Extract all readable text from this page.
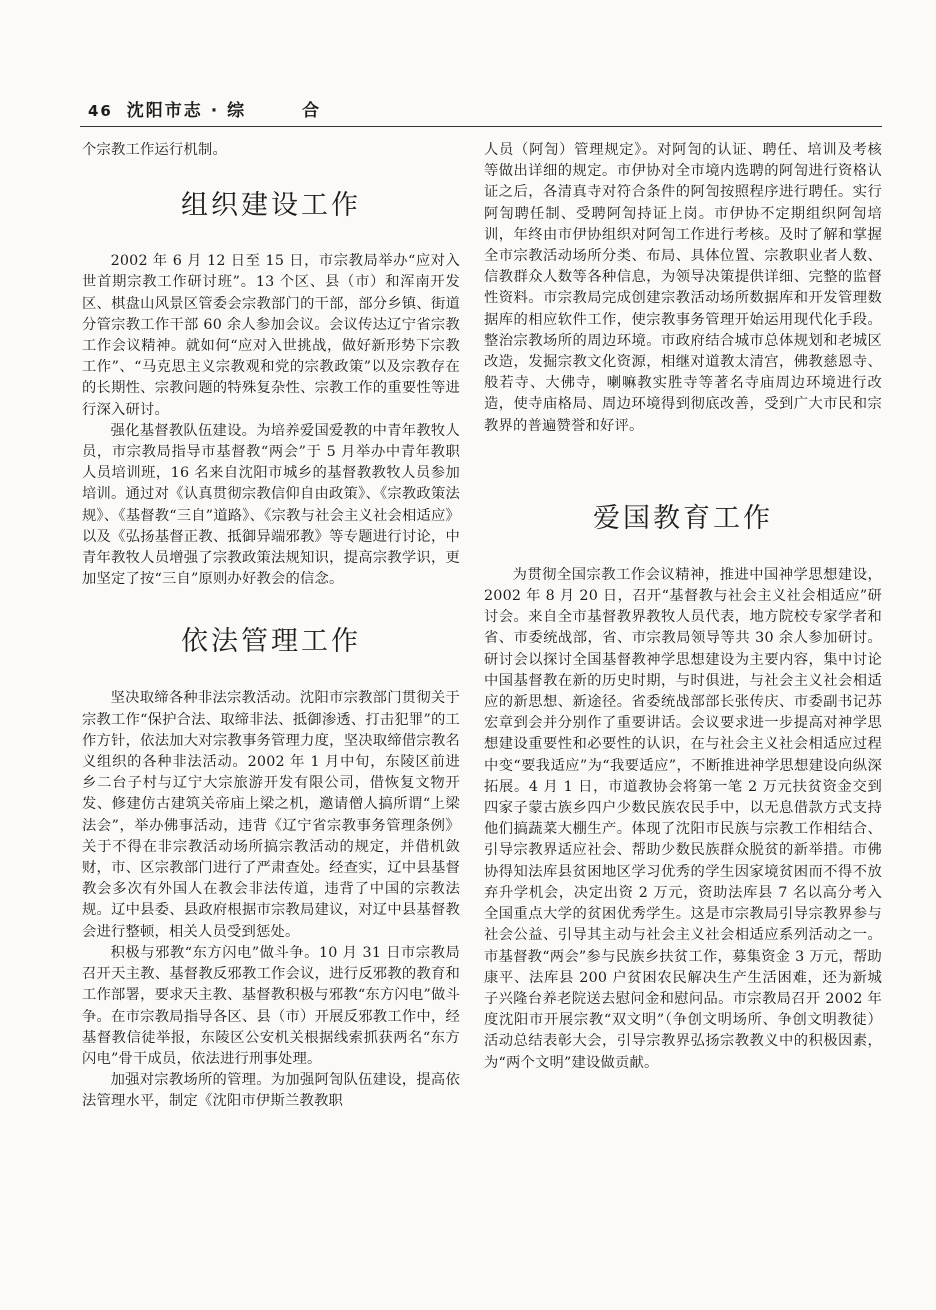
46 沈阳市志 · 综	合

个宗教工作运行机制。

组织建设工作

2002 年 6 月 12 日至 15 日，市宗教局举办“应对入世首期宗教工作研讨班”。13 个区、县（市）和浑南开发区、棋盘山风景区管委会宗教部门的干部，部分乡镇、街道分管宗教工作干部 60 余人参加会议。会议传达辽宁省宗教工作会议精神。就如何“应对入世挑战，做好新形势下宗教工作”、“马克思主义宗教观和党的宗教政策”以及宗教存在的长期性、宗教问题的特殊复杂性、宗教工作的重要性等进行深入研讨。

强化基督教队伍建设。为培养爱国爱教的中青年教牧人员，市宗教局指导市基督教“两会”于 5 月举办中青年教职人员培训班，16 名来自沈阳市城乡的基督教教牧人员参加培训。通过对《认真贯彻宗教信仰自由政策》、《宗教政策法规》、《基督教“三自”道路》、《宗教与社会主义社会相适应》以及《弘扬基督正教、抵御异端邪教》等专题进行讨论，中青年教牧人员增强了宗教政策法规知识，提高宗教学识，更加坚定了按“三自”原则办好教会的信念。

依法管理工作

坚决取缔各种非法宗教活动。沈阳市宗教部门贯彻关于宗教工作“保护合法、取缔非法、抵御渗透、打击犯罪”的工作方针，依法加大对宗教事务管理力度，坚决取缔借宗教名义组织的各种非法活动。2002 年 1 月中旬，东陵区前进乡二台子村与辽宁大宗旅游开发有限公司，借恢复文物开发、修建仿古建筑关帝庙上梁之机，邀请僧人搞所谓“上梁法会”，举办佛事活动，违背《辽宁省宗教事务管理条例》关于不得在非宗教活动场所搞宗教活动的规定，并借机敛财，市、区宗教部门进行了严肃查处。经查实，辽中县基督教会多次有外国人在教会非法传道，违背了中国的宗教法规。辽中县委、县政府根据市宗教局建议，对辽中县基督教会进行整顿，相关人员受到惩处。

积极与邪教“东方闪电”做斗争。10 月 31 日市宗教局召开天主教、基督教反邪教工作会议，进行反邪教的教育和工作部署，要求天主教、基督教积极与邪教“东方闪电”做斗争。在市宗教局指导各区、县（市）开展反邪教工作中，经基督教信徒举报，东陵区公安机关根据线索抓获两名“东方闪电”骨干成员，依法进行刑事处理。

加强对宗教场所的管理。为加强阿訇队伍建设，提高依法管理水平，制定《沈阳市伊斯兰教教职

人员（阿訇）管理规定》。对阿訇的认证、聘任、培训及考核等做出详细的规定。市伊协对全市境内选聘的阿訇进行资格认证之后，各清真寺对符合条件的阿訇按照程序进行聘任。实行阿訇聘任制、受聘阿訇持证上岗。市伊协不定期组织阿訇培训，年终由市伊协组织对阿訇工作进行考核。及时了解和掌握全市宗教活动场所分类、布局、具体位置、宗教职业者人数、信教群众人数等各种信息，为领导决策提供详细、完整的监督性资料。市宗教局完成创建宗教活动场所数据库和开发管理数据库的相应软件工作，使宗教事务管理开始运用现代化手段。整治宗教场所的周边环境。市政府结合城市总体规划和老城区改造，发掘宗教文化资源，相继对道教太清宫，佛教慈恩寺、般若寺、大佛寺，喇嘛教实胜寺等著名寺庙周边环境进行改造，使寺庙格局、周边环境得到彻底改善，受到广大市民和宗教界的普遍赞誉和好评。

爱国教育工作

为贯彻全国宗教工作会议精神，推进中国神学思想建设，2002 年 8 月 20 日，召开“基督教与社会主义社会相适应”研讨会。来自全市基督教界教牧人员代表，地方院校专家学者和省、市委统战部，省、市宗教局领导等共 30 余人参加研讨。研讨会以探讨全国基督教神学思想建设为主要内容，集中讨论中国基督教在新的历史时期，与时俱进，与社会主义社会相适应的新思想、新途径。省委统战部部长张传庆、市委副书记苏宏章到会并分别作了重要讲话。会议要求进一步提高对神学思想建设重要性和必要性的认识，在与社会主义社会相适应过程中变“要我适应”为“我要适应”，不断推进神学思想建设向纵深拓展。4 月 1 日，市道教协会将第一笔 2 万元扶贫资金交到四家子蒙古族乡四户少数民族农民手中，以无息借款方式支持他们搞蔬菜大棚生产。体现了沈阳市民族与宗教工作相结合、引导宗教界适应社会、帮助少数民族群众脱贫的新举措。市佛协得知法库县贫困地区学习优秀的学生因家境贫困而不得不放弃升学机会，决定出资 2 万元，资助法库县 7 名以高分考入全国重点大学的贫困优秀学生。这是市宗教局引导宗教界参与社会公益、引导其主动与社会主义社会相适应系列活动之一。市基督教“两会”参与民族乡扶贫工作，募集资金 3 万元，帮助康平、法库县 200 户贫困农民解决生产生活困难，还为新城子兴隆台养老院送去慰问金和慰问品。市宗教局召开 2002 年度沈阳市开展宗教“双文明”（争创文明场所、争创文明教徒）活动总结表彰大会，引导宗教界弘扬宗教教义中的积极因素，为“两个文明”建设做贡献。
